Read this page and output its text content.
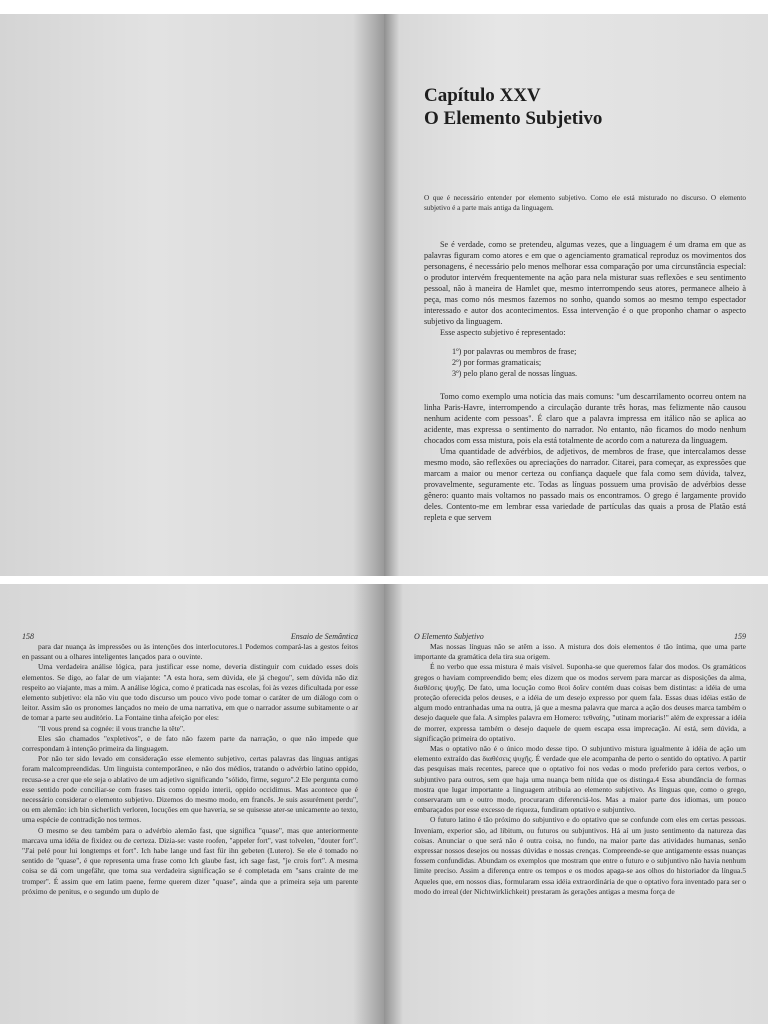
Capítulo XXV
O Elemento Subjetivo
O que é necessário entender por elemento subjetivo. Como ele está misturado no discurso. O elemento subjetivo é a parte mais antiga da linguagem.

Se é verdade, como se pretendeu, algumas vezes, que a linguagem é um drama em que as palavras figuram como atores e em que o agenciamento gramatical reproduz os movimentos dos personagens, é necessário pelo menos melhorar essa comparação por uma circunstância especial: o produtor intervém frequentemente na ação para nela misturar suas reflexões e seu sentimento pessoal, não à maneira de Hamlet que, mesmo interrompendo seus atores, permanece alheio à peça, mas como nós mesmos fazemos no sonho, quando somos ao mesmo tempo espectador interessado e autor dos acontecimentos. Essa intervenção é o que proponho chamar o aspecto subjetivo da linguagem.

Esse aspecto subjetivo é representado:

1º) por palavras ou membros de frase;
2º) por formas gramaticais;
3º) pelo plano geral de nossas línguas.

Tomo como exemplo uma notícia das mais comuns: "um descarrilamento ocorreu ontem na linha Paris-Havre, interrompendo a circulação durante três horas, mas felizmente não causou nenhum acidente com pessoas". É claro que a palavra impressa em itálico não se aplica ao acidente, mas expressa o sentimento do narrador. No entanto, não ficamos do modo nenhum chocados com essa mistura, pois ela está totalmente de acordo com a natureza da linguagem.

Uma quantidade de advérbios, de adjetivos, de membros de frase, que intercalamos desse mesmo modo, são reflexões ou apreciações do narrador. Citarei, para começar, as expressões que marcam a maior ou menor certeza ou confiança daquele que fala como sem dúvida, talvez, provavelmente, seguramente etc. Todas as línguas possuem uma provisão de advérbios desse gênero: quanto mais voltamos no passado mais os encontramos. O grego é largamente provido deles. Contento-me em lembrar essa variedade de partículas das quais a prosa de Platão está repleta e que servem

158	Ensaio de Semântica

para dar nuança às impressões ou às intenções dos interlocutores.1 Podemos compará-las a gestos feitos en passant ou a olhares inteligentes lançados para o ouvinte.

Uma verdadeira análise lógica, para justificar esse nome, deveria distinguir com cuidado esses dois elementos. Se digo, ao falar de um viajante: "A esta hora, sem dúvida, ele já chegou", sem dúvida não diz respeito ao viajante, mas a mim. A análise lógica, como é praticada nas escolas, foi às vezes dificultada por esse elemento subjetivo: ela não viu que todo discurso um pouco vivo pode tomar o caráter de um diálogo com o leitor. Assim são os pronomes lançados no meio de uma narrativa, em que o narrador assume subitamente o ar de tomar a parte seu auditório. La Fontaine tinha afeição por eles:

"Il vous prend sa cognée: il vous tranche la tête".

Eles são chamados "expletivos", e de fato não fazem parte da narração, o que não impede que correspondam à intenção primeira da linguagem.

Por não ter sido levado em consideração esse elemento subjetivo, certas palavras das línguas antigas foram malcompreendidas. Um linguista contemporâneo, e não dos médios, tratando o advérbio latino oppido, recusa-se a crer que ele seja o ablativo de um adjetivo significando "sólido, firme, seguro".2 Ele pergunta como esse sentido pode conciliar-se com frases tais como oppido interii, oppido occidimus. Mas acontece que é necessário considerar o elemento subjetivo. Dizemos do mesmo modo, em francês. Je suis assurément perdu", ou em alemão: ich bin sicherlich verloren, locuções em que haveria, se se quisesse ater-se unicamente ao texto, uma espécie de contradição nos termos.

O mesmo se deu também para o advérbio alemão fast, que significa "quase", mas que anteriormente marcava uma idéia de fixidez ou de certeza. Dizia-se: vaste roofen, "appeler fort", vast tolvelen, "douter fort". "J'ai pelé pour lui longtemps et fort". Ich habe lange und fast für ihn gebeten (Lutero). Se ele é tomado no sentido de "quase", é que representa uma frase como Ich glaube fast, ich sage fast, "je crois fort". A mesma coisa se dá com ungefähr, que toma sua verdadeira significação se é completada em "sans crainte de me tromper". É assim que em latim paene, ferme querem dizer "quase", ainda que a primeira seja um parente próximo de penitus, e o segundo um duplo de

O Elemento Subjetivo	159

Mas nossas línguas não se atêm a isso. A mistura dos dois elementos é tão íntima, que uma parte importante da gramática dela tira sua origem.

É no verbo que essa mistura é mais visível. Suponha-se que queremos falar dos modos. Os gramáticos gregos o haviam compreendido bem; eles dizem que os modos servem para marcar as disposições da alma, διαθέσεις ψυχῆς. De fato, uma locução como θεοὶ δοῖεν contém duas coisas bem distintas: a idéia de uma proteção oferecida pelos deuses, e a idéia de um desejo expresso por quem fala. Essas duas idéias estão de algum modo entranhadas uma na outra, já que a mesma palavra que marca a ação dos deuses marca também o desejo daquele que fala. A simples palavra em Homero: τεθναίης, "utinam moriaris!" além de expressar a idéia de morrer, expressa também o desejo daquele de quem escapa essa imprecação. Aí está, sem dúvida, a significação primeira do optativo.

Mas o optativo não é o único modo desse tipo. O subjuntivo mistura igualmente à idéia de ação um elemento extraído das διαθέσεις ψυχῆς. É verdade que ele acompanha de perto o sentido do optativo. A partir das pesquisas mais recentes, parece que o optativo foi nos vedas o modo preferido para certos verbos, o subjuntivo para outros, sem que haja uma nuança bem nítida que os distinga.4 Essa abundância de formas mostra que lugar importante a linguagem atribuía ao elemento subjetivo. As línguas que, como o grego, conservaram um e outro modo, procuraram diferenciá-los. Mas a maior parte dos idiomas, um pouco embaraçados por esse excesso de riqueza, fundiram optativo e subjuntivo.

O futuro latino é tão próximo do subjuntivo e do optativo que se confunde com eles em certas pessoas. Inveniam, experior são, ad libitum, ou futuros ou subjuntivos. Há aí um justo sentimento da natureza das coisas. Anunciar o que será não é outra coisa, no fundo, na maior parte das atividades humanas, senão expressar nossos desejos ou nossas dúvidas e nossas crenças. Compreende-se que antigamente essas nuanças fossem confundidas. Abundam os exemplos que mostram que entre o futuro e o subjuntivo não havia nenhum limite preciso. Assim a diferença entre os tempos e os modos apaga-se aos olhos do historiador da língua.5 Aqueles que, em nossos dias, formularam essa idéia extraordinária de que o optativo fora inventado para ser o modo do irreal (der Nichtwirklichkeit) prestaram às gerações antigas a mesma força de
